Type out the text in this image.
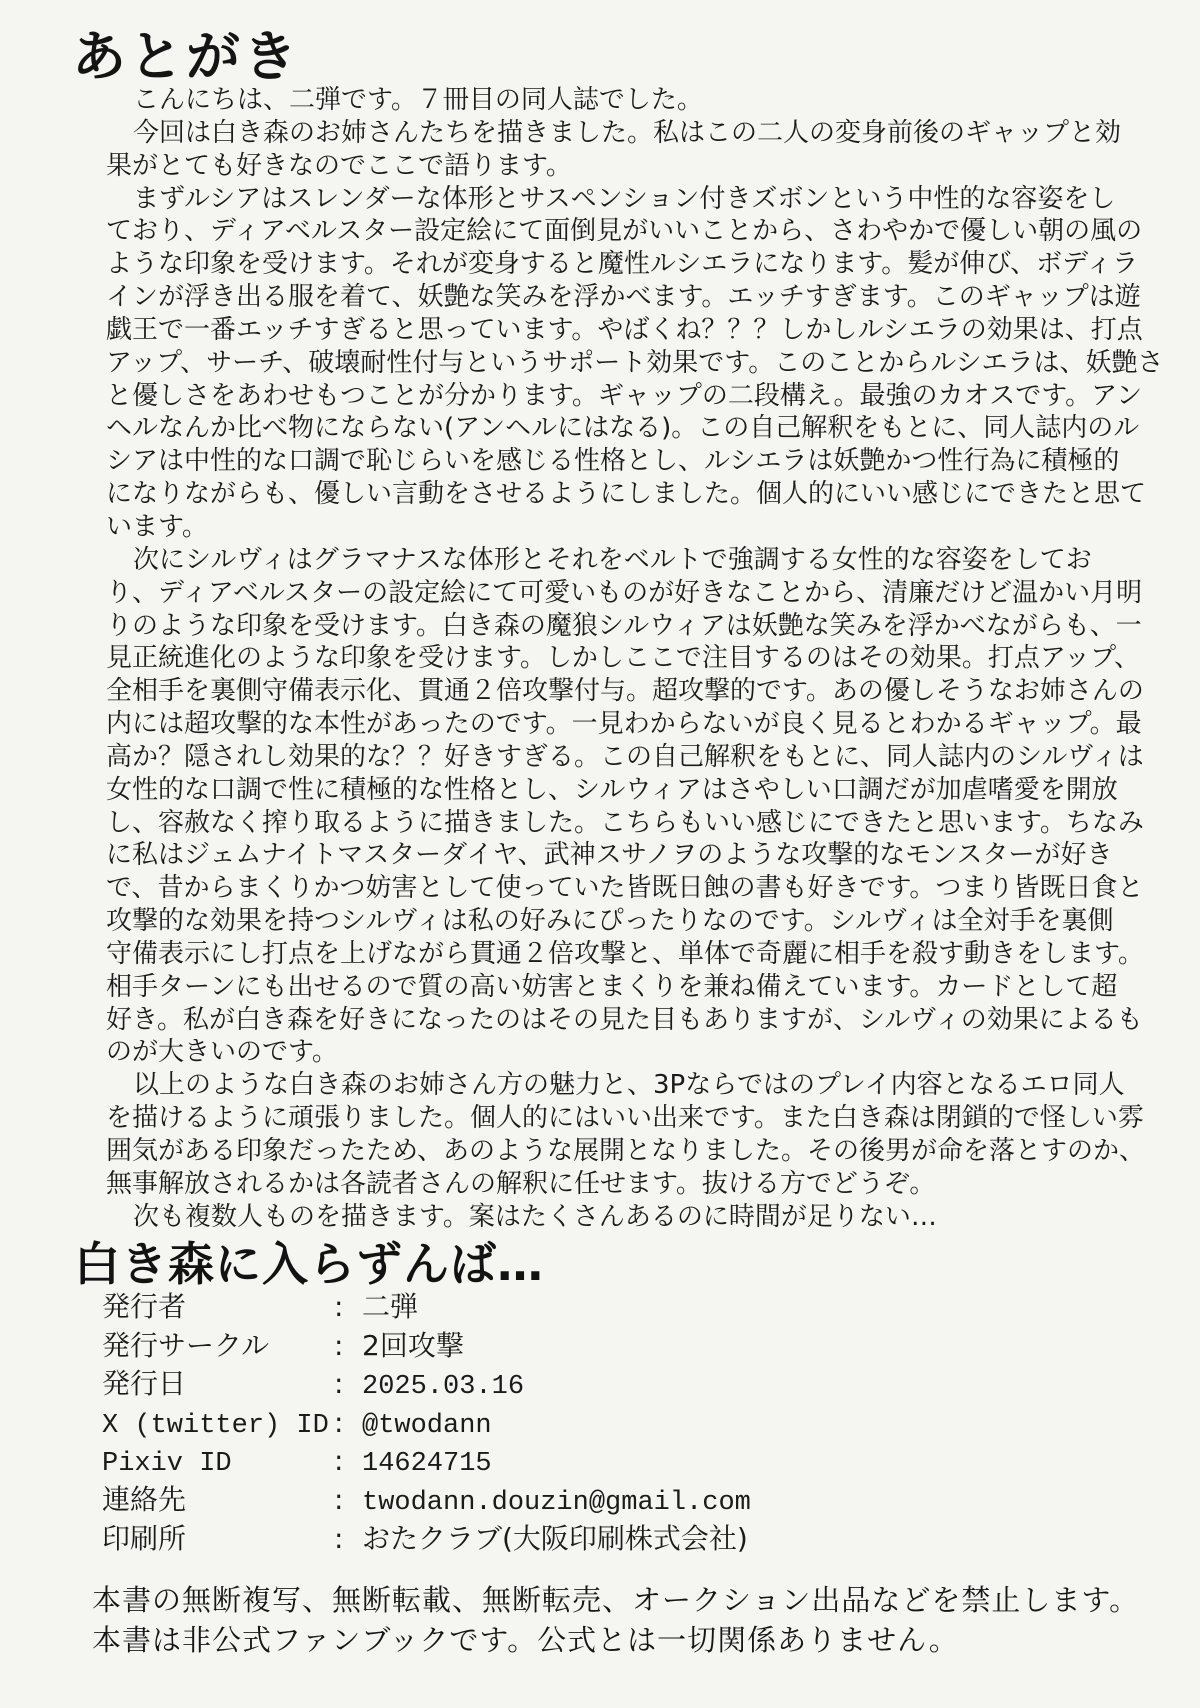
あとがき
こんにちは、二弾です。７冊目の同人誌でした。
今回は白き森のお姉さんたちを描きました。私はこの二人の変身前後のギャップと効
果がとても好きなのでここで語ります。
まずルシアはスレンダーな体形とサスペンション付きズボンという中性的な容姿をし
ており、ディアベルスター設定絵にて面倒見がいいことから、さわやかで優しい朝の風の
ような印象を受けます。それが変身すると魔性ルシエラになります。髪が伸び、ボディラ
インが浮き出る服を着て、妖艶な笑みを浮かべます。エッチすぎます。このギャップは遊
戯王で一番エッチすぎると思っています。やばくね？？？しかしルシエラの効果は、打点
アップ、サーチ、破壊耐性付与というサポート効果です。このことからルシエラは、妖艶さ
と優しさをあわせもつことが分かります。ギャップの二段構え。最強のカオスです。アン
ヘルなんか比べ物にならない(アンヘルにはなる)。この自己解釈をもとに、同人誌内のル
シアは中性的な口調で恥じらいを感じる性格とし、ルシエラは妖艶かつ性行為に積極的
になりながらも、優しい言動をさせるようにしました。個人的にいい感じにできたと思て
います。
次にシルヴィはグラマナスな体形とそれをベルトで強調する女性的な容姿をしてお
り、ディアベルスターの設定絵にて可愛いものが好きなことから、清廉だけど温かい月明
りのような印象を受けます。白き森の魔狼シルウィアは妖艶な笑みを浮かべながらも、一
見正統進化のような印象を受けます。しかしここで注目するのはその効果。打点アップ、
全相手を裏側守備表示化、貫通２倍攻撃付与。超攻撃的です。あの優しそうなお姉さんの
内には超攻撃的な本性があったのです。一見わからないが良く見るとわかるギャップ。最
高か？隠されし効果的な？？好きすぎる。この自己解釈をもとに、同人誌内のシルヴィは
女性的な口調で性に積極的な性格とし、シルウィアはさやしい口調だが加虐嗜愛を開放
し、容赦なく搾り取るように描きました。こちらもいい感じにできたと思います。ちなみ
に私はジェムナイトマスターダイヤ、武神スサノヲのような攻撃的なモンスターが好き
で、昔からまくりかつ妨害として使っていた皆既日蝕の書も好きです。つまり皆既日食と
攻撃的な効果を持つシルヴィは私の好みにぴったりなのです。シルヴィは全対手を裏側
守備表示にし打点を上げながら貫通２倍攻撃と、単体で奇麗に相手を殺す動きをします。
相手ターンにも出せるので質の高い妨害とまくりを兼ね備えています。カードとして超
好き。私が白き森を好きになったのはその見た目もありますが、シルヴィの効果によるも
のが大きいのです。
以上のような白き森のお姉さん方の魅力と、3Pならではのプレイ内容となるエロ同人
を描けるように頑張りました。個人的にはいい出来です。また白き森は閉鎖的で怪しい雰
囲気がある印象だったため、あのような展開となりました。その後男が命を落とすのか、
無事解放されるかは各読者さんの解釈に任せます。抜ける方でどうぞ。
次も複数人ものを描きます。案はたくさんあるのに時間が足りない…
白き森に入らずんば…
発行者	: 二弾
発行サークル : 2回攻撃
発行日	: 2025.03.16
X (twitter) ID : @twodann
Pixiv ID	: 14624715
連絡先	: twodann.douzin@gmail.com
印刷所	: おたクラブ(大阪印刷株式会社)
本書の無断複写、無断転載、無断転売、オークション出品などを禁止します。
本書は非公式ファンブックです。公式とは一切関係ありません。
